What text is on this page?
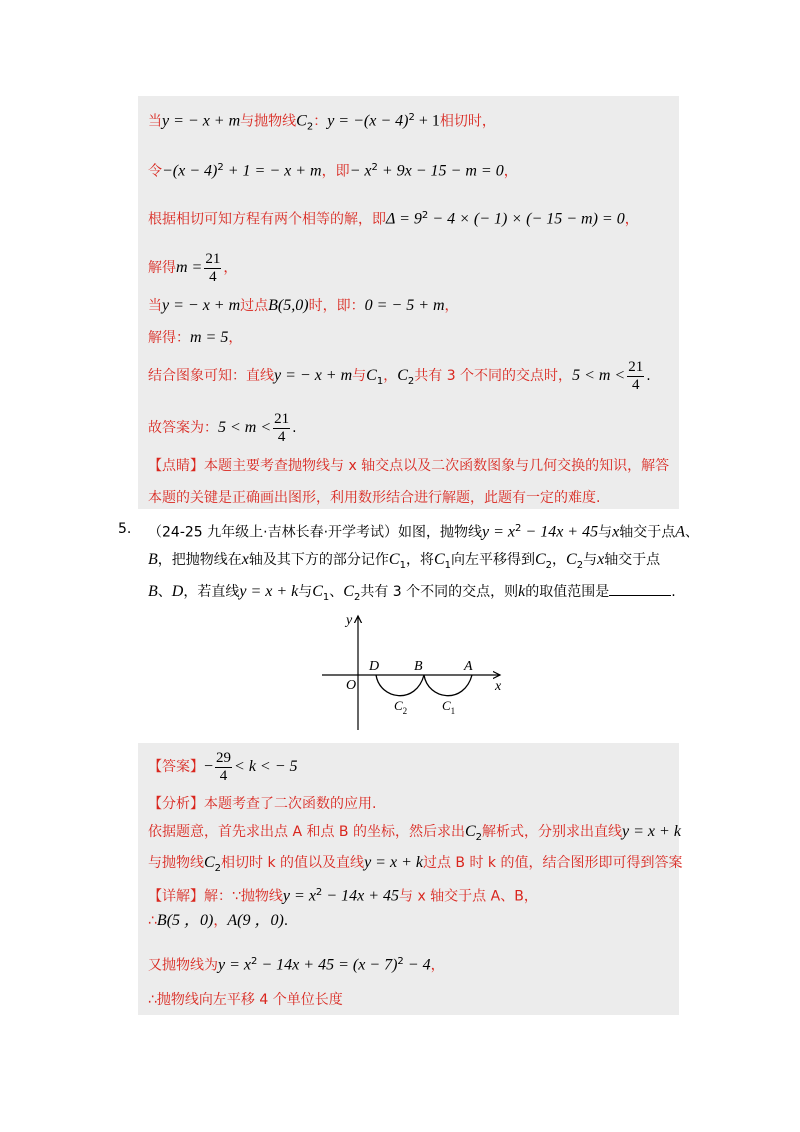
当y = − x + m与抛物线$C_2$：$y = -(x - 4)^2 + 1$相切时，
令$-(x - 4)^2 + 1$ = − x + m，即− $x^2 + 9x - 15 - m = 0$，
根据相切可知方程有两个相等的解，即$\Delta = 9^2 - 4$ × (− 1) × (− 15 − m) = 0，
解得$m = \frac{21}{4}$ ，
当y = − x + m过点B(5,0)时，即：0 = − 5 + m，
解得：m = 5，
结合图象可知：直线y = − x + m与$C_1$，$C_2$共有 3 个不同的交点时，$5 < m < \frac{21}{4}$ .
故答案为：$5 < m < \frac{21}{4}$ .
【点睛】本题主要考查抛物线与 x 轴交点以及二次函数图象与几何交换的知识，解答
本题的关键是正确画出图形，利用数形结合进行解题，此题有一定的难度.
5. （24-25 九年级上·吉林长春·开学考试）如图，抛物线$y = x^2 - 14x + 45$与x轴交于点A、
B，把抛物线在x轴及其下方的部分记作$C_1$，将$C_1$向左平移得到$C_2$，$C_2$与x轴交于点
B、D，若直线y = x + k与$C_1$、$C_2$共有 3 个不同的交点，则k的取值范围是	.
y
x
O
D B	A
$C_2$	$C_1$
【答案】− $\frac{29}{4} < k$ < − 5
【分析】本题考查了二次函数的应用.
依据题意，首先求出点 A 和点 B 的坐标，然后求出$C_2$解析式，分别求出直线y = x + k
与抛物线$C_2$相切时 k 的值以及直线y = x + k过点 B 时 k 的值，结合图形即可得到答案
【详解】解：∵抛物线$y = x^2 - 14x + 45$与 x 轴交于点 A、B，
∴B(5 ，0)，A(9 ，0).
又抛物线为$y = x^2 - 14x + 45 = (x - 7)^2 - 4$，
∴抛物线向左平移 4 个单位长度
